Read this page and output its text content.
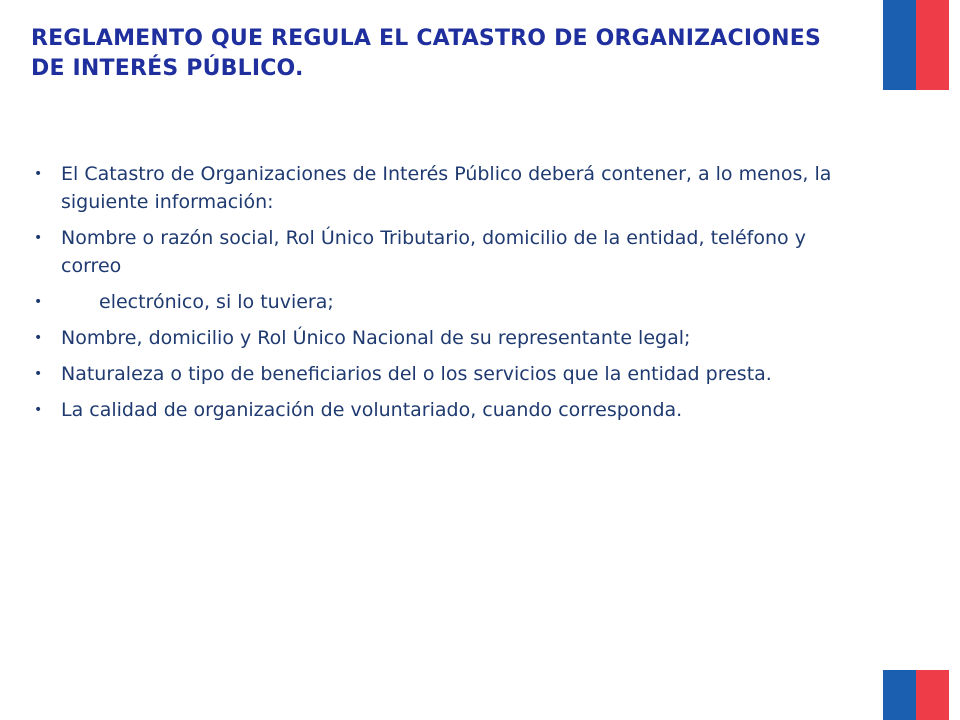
REGLAMENTO QUE REGULA EL CATASTRO DE ORGANIZACIONES DE INTERÉS PÚBLICO.
• El Catastro de Organizaciones de Interés Público deberá contener, a lo menos, la siguiente información:
• Nombre o razón social, Rol Único Tributario, domicilio de la entidad, teléfono y correo
•	electrónico, si lo tuviera;
• Nombre, domicilio y Rol Único Nacional de su representante legal;
• Naturaleza o tipo de beneficiarios del o los servicios que la entidad presta.
• La calidad de organización de voluntariado, cuando corresponda.
